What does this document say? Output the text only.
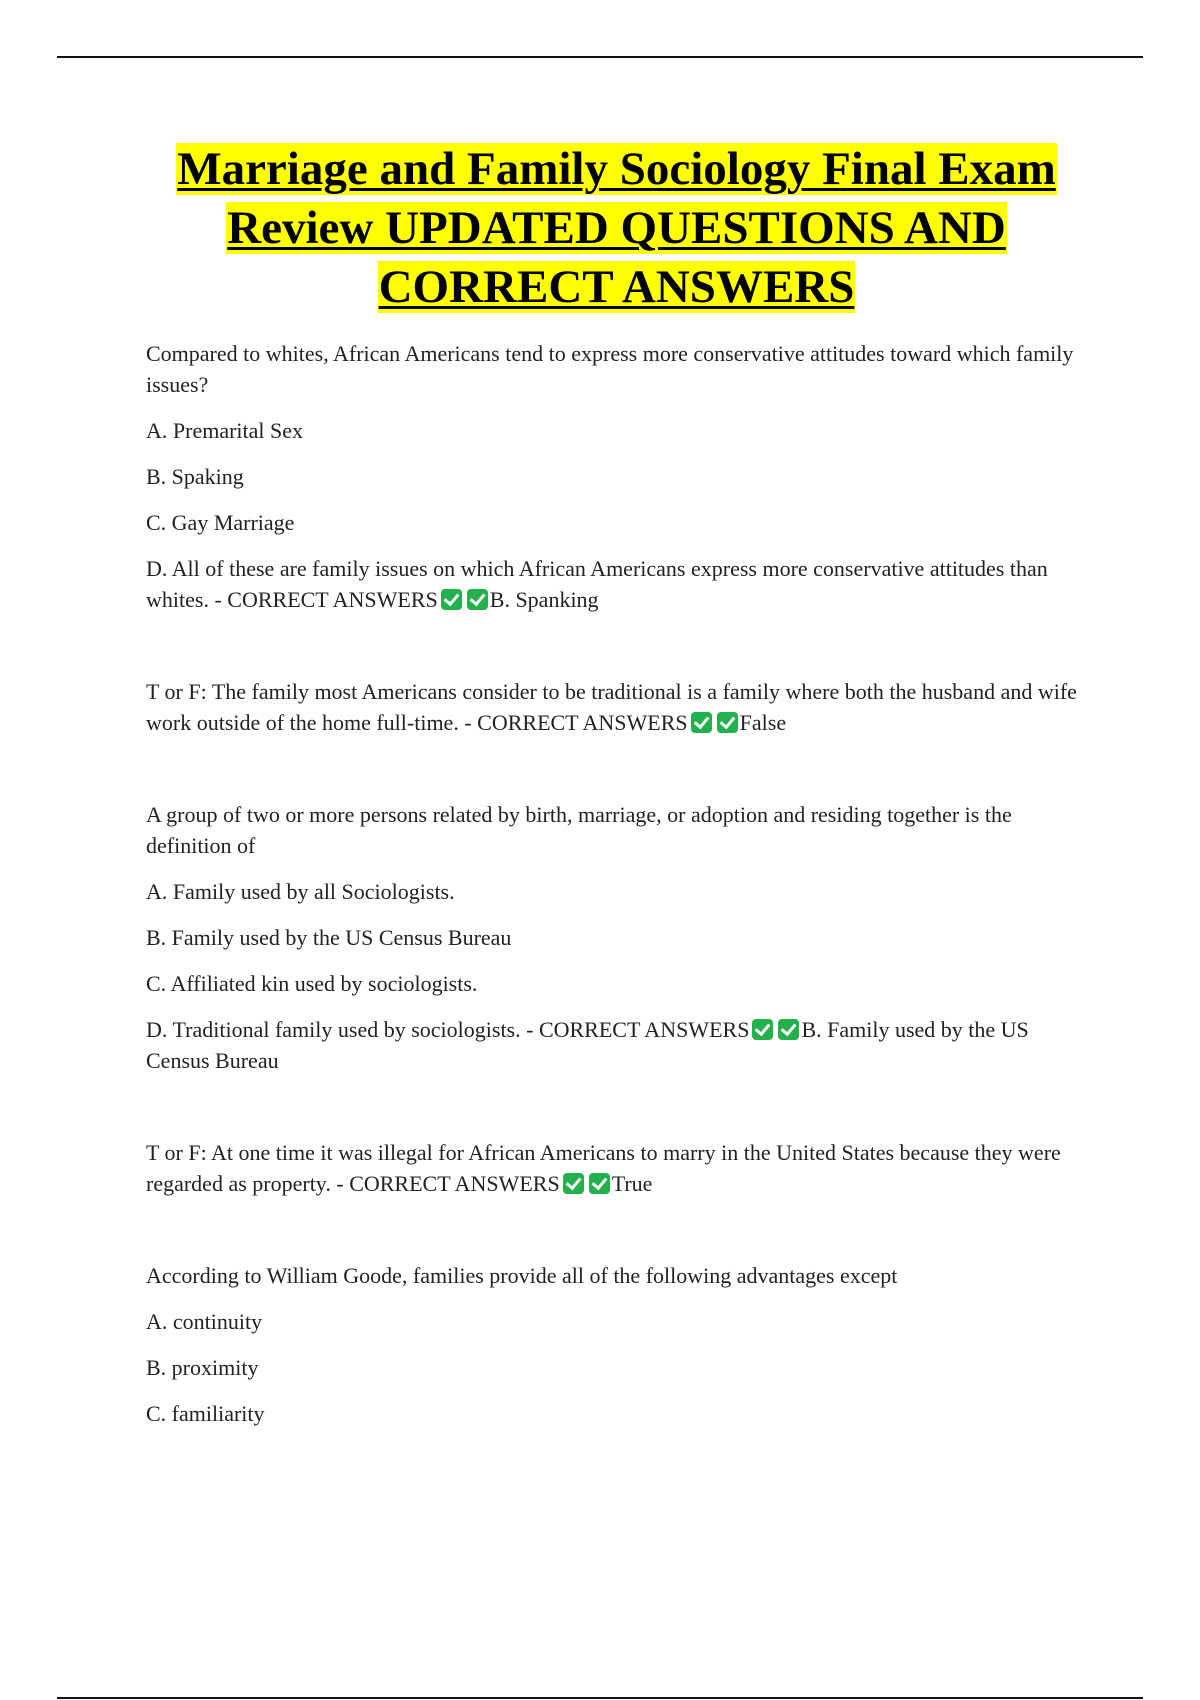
Marriage and Family Sociology Final Exam
Review UPDATED QUESTIONS AND
CORRECT ANSWERS

Compared to whites, African Americans tend to express more conservative attitudes toward which family issues?

A. Premarital Sex

B. Spaking

C. Gay Marriage

D. All of these are family issues on which African Americans express more conservative attitudes than whites. - CORRECT ANSWERS B. Spanking

T or F: The family most Americans consider to be traditional is a family where both the husband and wife work outside of the home full-time. - CORRECT ANSWERS False

A group of two or more persons related by birth, marriage, or adoption and residing together is the definition of

A. Family used by all Sociologists.

B. Family used by the US Census Bureau

C. Affiliated kin used by sociologists.

D. Traditional family used by sociologists. - CORRECT ANSWERS B. Family used by the US Census Bureau

T or F: At one time it was illegal for African Americans to marry in the United States because they were regarded as property. - CORRECT ANSWERS True

According to William Goode, families provide all of the following advantages except

A. continuity

B. proximity

C. familiarity
